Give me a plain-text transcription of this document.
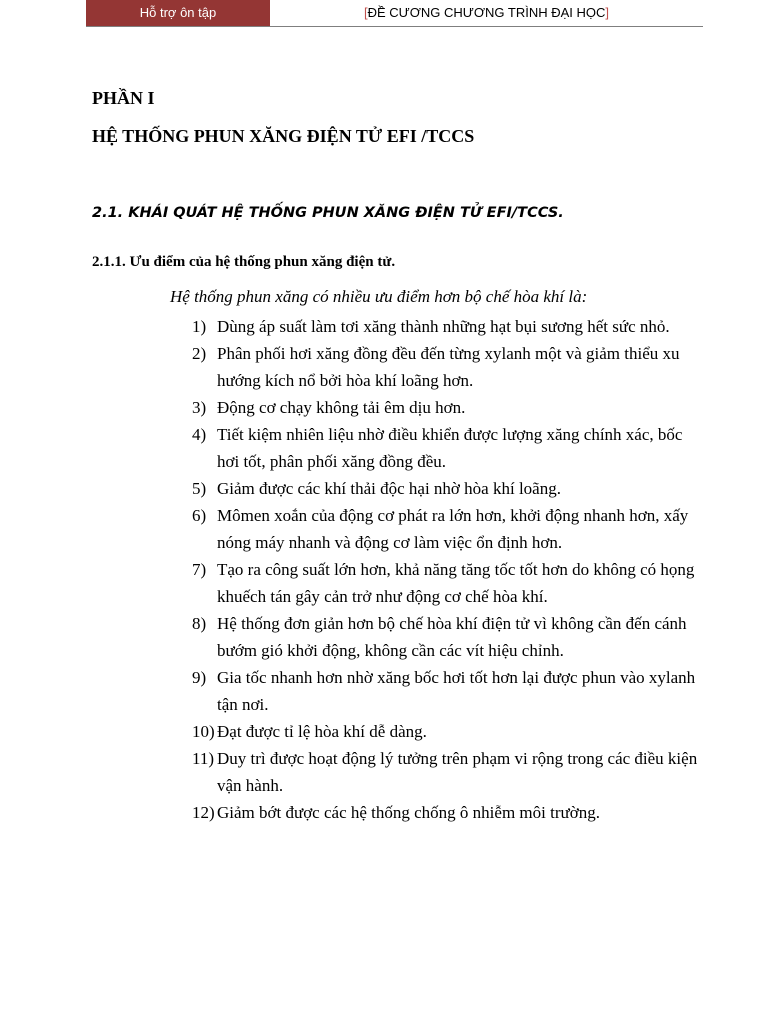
Hỗ trợ ôn tập	[ĐỀ CƯƠNG CHƯƠNG TRÌNH ĐẠI HỌC]
PHẦN I
HỆ THỐNG PHUN XĂNG ĐIỆN TỬ EFI /TCCS
2.1. KHÁI QUÁT HỆ THỐNG PHUN XĂNG ĐIỆN TỬ EFI/TCCS.
2.1.1. Ưu điểm của hệ thống phun xăng điện tử.
Hệ thống phun xăng có nhiều ưu điểm hơn bộ chế hòa khí là:
1) Dùng áp suất làm tơi xăng thành những hạt bụi sương hết sức nhỏ.
2) Phân phối hơi xăng đồng đều đến từng xylanh một và giảm thiểu xu hướng kích nổ bởi hòa khí loãng hơn.
3) Động cơ chạy không tải êm dịu hơn.
4) Tiết kiệm nhiên liệu nhờ điều khiển được lượng xăng chính xác, bốc hơi tốt, phân phối xăng đồng đều.
5) Giảm được các khí thải độc hại nhờ hòa khí loãng.
6) Mômen xoắn của động cơ phát ra lớn hơn, khởi động nhanh hơn, xấy nóng máy nhanh và động cơ làm việc ổn định hơn.
7) Tạo ra công suất lớn hơn, khả năng tăng tốc tốt hơn do không có họng khuếch tán gây cản trở như động cơ chế hòa khí.
8) Hệ thống đơn giản hơn bộ chế hòa khí điện tử vì không cần đến cánh bướm gió khởi động, không cần các vít hiệu chỉnh.
9) Gia tốc nhanh hơn nhờ xăng bốc hơi tốt hơn lại được phun vào xylanh tận nơi.
10) Đạt được tỉ lệ hòa khí dễ dàng.
11) Duy trì được hoạt động lý tưởng trên phạm vi rộng trong các điều kiện vận hành.
12) Giảm bớt được các hệ thống chống ô nhiễm môi trường.
